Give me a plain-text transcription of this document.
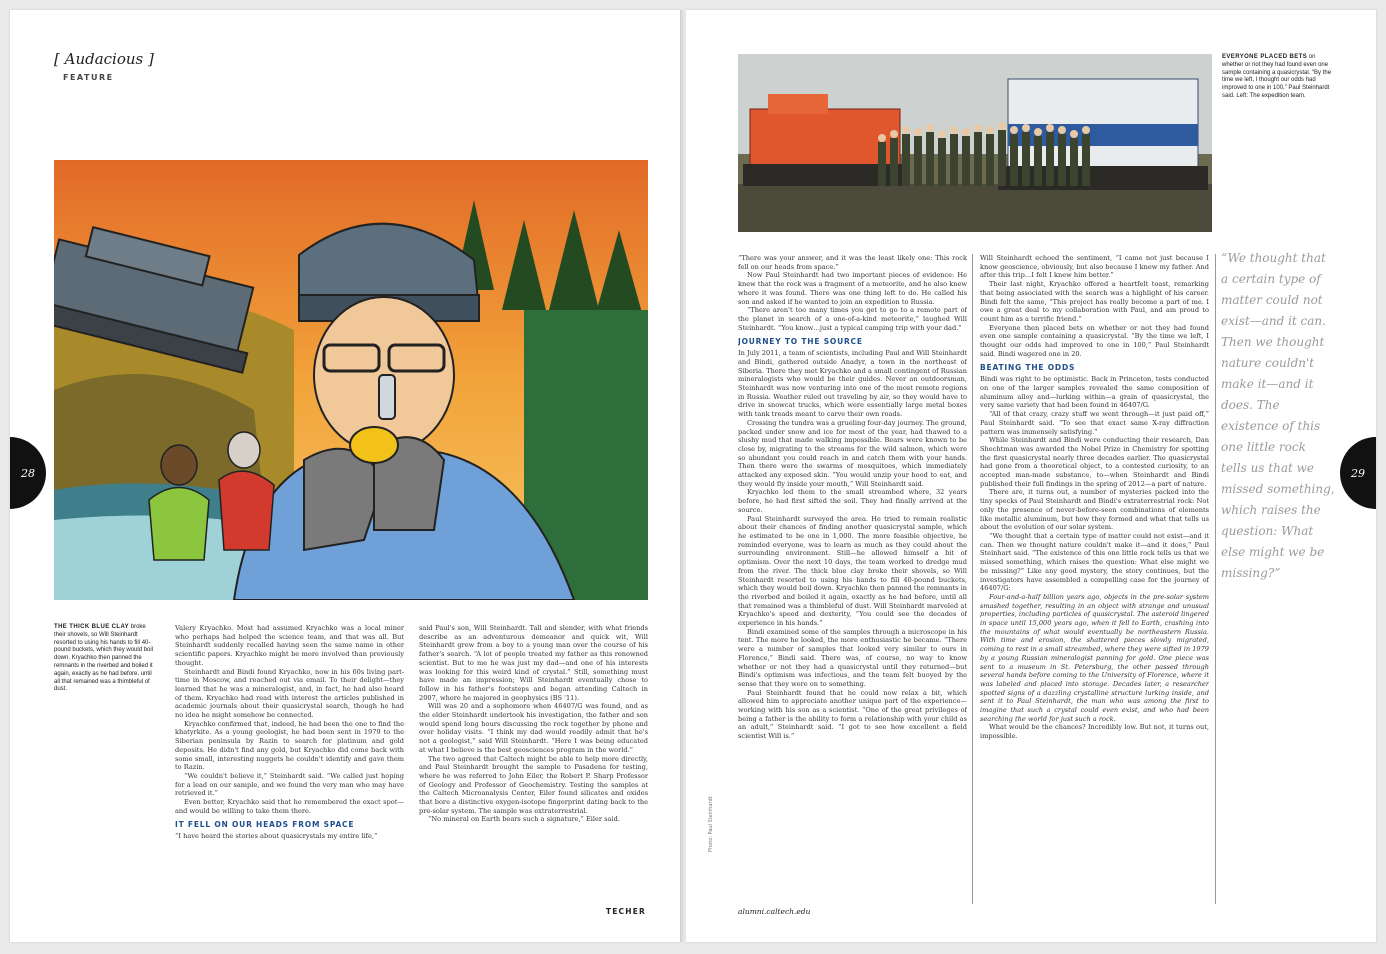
[ Audacious ]
FEATURE
28
THE THICK BLUE CLAY broke their shovels, so Will Steinhardt resorted to using his hands to fill 40-pound buckets, which they would boil down. Kryachko then panned the remnants in the riverbed and boiled it again, exactly as he had before, until all that remained was a thimbleful of dust.

Valery Kryachko. Most had assumed Kryachko was a local miner who perhaps had helped the science team, and that was all. But Steinhardt suddenly recalled having seen the same name in other scientific papers. Kryachko might be more involved than previously thought.

Steinhardt and Bindi found Kryachko, now in his 60s living part-time in Moscow, and reached out via email. To their delight—they learned that he was a mineralogist, and, in fact, he had also heard of them. Kryachko had read with interest the articles published in academic journals about their quasicrystal search, though he had no idea he might somehow be connected.

Kryachko confirmed that, indeed, he had been the one to find the khatyrkite. As a young geologist, he had been sent in 1979 to the Siberian peninsula by Razin to search for platinum and gold deposits. He didn't find any gold, but Kryachko did come back with some small, interesting nuggets he couldn't identify and gave them to Razin.

“We couldn't believe it,” Steinhardt said. “We called just hoping for a lead on our sample, and we found the very man who may have retrieved it.”

Even better, Kryachko said that he remembered the exact spot—and would be willing to take them there.

IT FELL ON OUR HEADS FROM SPACE

“I have heard the stories about quasicrystals my entire life,”

said Paul's son, Will Steinhardt. Tall and slender, with what friends describe as an adventurous demeanor and quick wit, Will Steinhardt grew from a boy to a young man over the course of his father's search. “A lot of people treated my father as this renowned scientist. But to me he was just my dad—and one of his interests was looking for this weird kind of crystal.” Still, something must have made an impression; Will Steinhardt eventually chose to follow in his father's footsteps and began attending Caltech in 2007, where he majored in geophysics (BS '11).

Will was 20 and a sophomore when 46407/G was found, and as the elder Steinhardt undertook his investigation, the father and son would spend long hours discussing the rock together by phone and over holiday visits. “I think my dad would readily admit that he's not a geologist,” said Will Steinhardt. “Here I was being educated at what I believe is the best geosciences program in the world.”

The two agreed that Caltech might be able to help more directly, and Paul Steinhardt brought the sample to Pasadena for testing, where he was referred to John Eiler, the Robert P. Sharp Professor of Geology and Professor of Geochemistry. Testing the samples at the Caltech Microanalysis Center, Eiler found silicates and oxides that bore a distinctive oxygen-isotope fingerprint dating back to the pre-solar system. The sample was extraterrestrial.

“No mineral on Earth bears such a signature,” Eiler said.

TECHER
EVERYONE PLACED BETS on whether or not they had found even one sample containing a quasicrystal. “By the time we left, I thought our odds had improved to one in 100,” Paul Steinhardt said. Left: The expedition team.
“We thought that a certain type of matter could not exist—and it can. Then we thought nature couldn't make it—and it does. The existence of this one little rock tells us that we missed something, which raises the question: What else might we be missing?”
29
Photo: Paul Steinhardt

“There was your answer, and it was the least likely one: This rock fell on our heads from space.”

Now Paul Steinhardt had two important pieces of evidence: He knew that the rock was a fragment of a meteorite, and he also knew where it was found. There was one thing left to do. He called his son and asked if he wanted to join an expedition to Russia.

“There aren't too many times you get to go to a remote part of the planet in search of a one-of-a-kind meteorite,” laughed Will Steinhardt. “You know…just a typical camping trip with your dad.”

JOURNEY TO THE SOURCE

In July 2011, a team of scientists, including Paul and Will Steinhardt and Bindi, gathered outside Anadyr, a town in the northeast of Siberia. There they met Kryachko and a small contingent of Russian mineralogists who would be their guides. Never an outdoorsman, Steinhardt was now venturing into one of the most remote regions in Russia. Weather ruled out traveling by air, so they would have to drive in snowcat trucks, which were essentially large metal boxes with tank treads meant to carve their own roads.

Crossing the tundra was a grueling four-day journey. The ground, packed under snow and ice for most of the year, had thawed to a slushy mud that made walking impossible. Bears were known to be close by, migrating to the streams for the wild salmon, which were so abundant you could reach in and catch them with your hands. Then there were the swarms of mosquitoes, which immediately attacked any exposed skin. “You would unzip your hood to eat, and they would fly inside your mouth,” Will Steinhardt said.

Kryachko led them to the small streambed where, 32 years before, he had first sifted the soil. They had finally arrived at the source.

Paul Steinhardt surveyed the area. He tried to remain realistic about their chances of finding another quasicrystal sample, which he estimated to be one in 1,000. The more feasible objective, he reminded everyone, was to learn as much as they could about the surrounding environment. Still—he allowed himself a bit of optimism. Over the next 10 days, the team worked to dredge mud from the river. The thick blue clay broke their shovels, so Will Steinhardt resorted to using his hands to fill 40-pound buckets, which they would boil down. Kryachko then panned the remnants in the riverbed and boiled it again, exactly as he had before, until all that remained was a thimbleful of dust. Will Steinhardt marveled at Kryachko's speed and dexterity, “You could see the decades of experience in his hands.”

Bindi examined some of the samples through a microscope in his tent. The more he looked, the more enthusiastic he became. “There were a number of samples that looked very similar to ours in Florence,” Bindi said. There was, of course, no way to know whether or not they had a quasicrystal until they returned—but Bindi's optimism was infectious, and the team felt buoyed by the sense that they were on to something.

Paul Steinhardt found that he could now relax a bit, which allowed him to appreciate another unique part of the experience—working with his son as a scientist. “One of the great privileges of being a father is the ability to form a relationship with your child as an adult,” Steinhardt said. “I got to see how excellent a field scientist Will is.”

Will Steinhardt echoed the sentiment, “I came not just because I know geoscience, obviously, but also because I knew my father. And after this trip…I felt I knew him better.”

Their last night, Kryachko offered a heartfelt toast, remarking that being associated with the search was a highlight of his career. Bindi felt the same, “This project has really become a part of me. I owe a great deal to my collaboration with Paul, and am proud to count him as a terrific friend.”

Everyone then placed bets on whether or not they had found even one sample containing a quasicrystal. “By the time we left, I thought our odds had improved to one in 100,” Paul Steinhardt said. Bindi wagered one in 20.

BEATING THE ODDS

Bindi was right to be optimistic. Back in Princeton, tests conducted on one of the larger samples revealed the same composition of aluminum alloy and—lurking within—a grain of quasicrystal, the very same variety that had been found in 46407/G.

“All of that crazy, crazy stuff we went through—it just paid off,” Paul Steinhardt said. “To see that exact same X-ray diffraction pattern was immensely satisfying.”

While Steinhardt and Bindi were conducting their research, Dan Shechtman was awarded the Nobel Prize in Chemistry for spotting the first quasicrystal nearly three decades earlier. The quasicrystal had gone from a theoretical object, to a contested curiosity, to an accepted man-made substance, to—when Steinhardt and Bindi published their full findings in the spring of 2012—a part of nature.

There are, it turns out, a number of mysteries packed into the tiny specks of Paul Steinhardt and Bindi's extraterrestrial rock: Not only the presence of never-before-seen combinations of elements like metallic aluminum, but how they formed and what that tells us about the evolution of our solar system.

“We thought that a certain type of matter could not exist—and it can. Then we thought nature couldn't make it—and it does,” Paul Steinhart said. “The existence of this one little rock tells us that we missed something, which raises the question: What else might we be missing?” Like any good mystery, the story continues, but the investigators have assembled a compelling case for the journey of 46407/G:

Four-and-a-half billion years ago, objects in the pre-solar system smashed together, resulting in an object with strange and unusual properties, including particles of quasicrystal. The asteroid lingered in space until 15,000 years ago, when it fell to Earth, crashing into the mountains of what would eventually be northeastern Russia. With time and erosion, the shattered pieces slowly migrated, coming to rest in a small streambed, where they were sifted in 1979 by a young Russian mineralogist panning for gold. One piece was sent to a museum in St. Petersburg, the other passed through several hands before coming to the University of Florence, where it was labeled and placed into storage. Decades later, a researcher spotted signs of a dazzling crystalline structure lurking inside, and sent it to Paul Steinhardt, the man who was among the first to imagine that such a crystal could even exist, and who had been searching the world for just such a rock.

What would be the chances? Incredibly low. But not, it turns out, impossible.

alumni.caltech.edu
